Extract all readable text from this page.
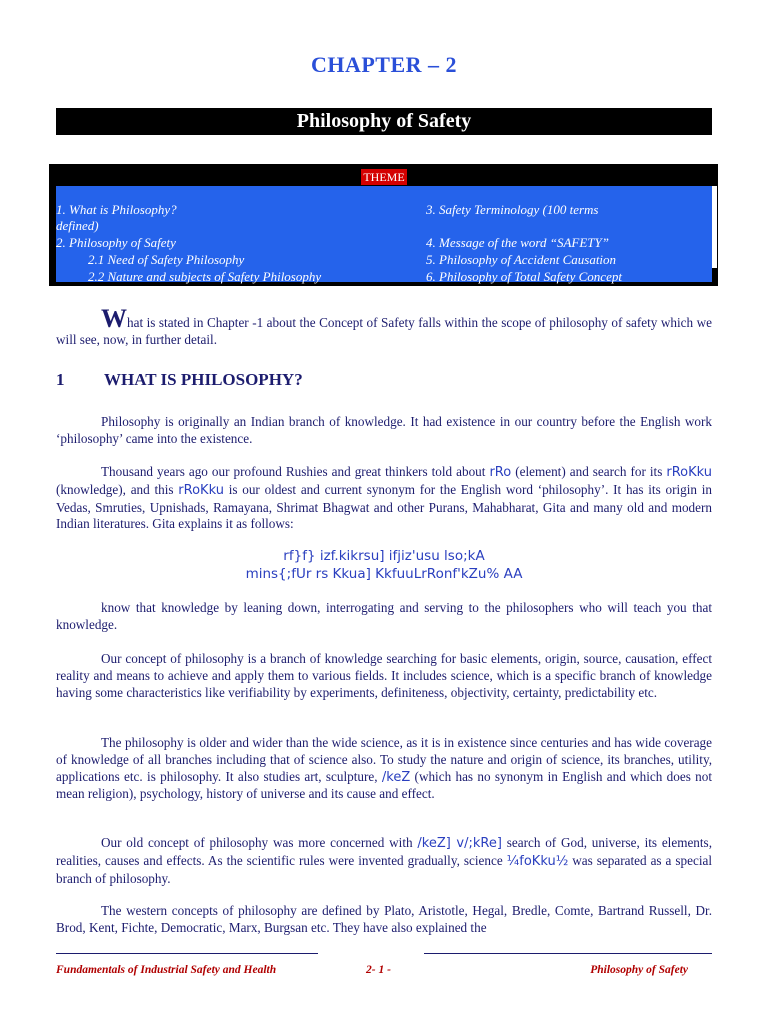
CHAPTER – 2
Philosophy of Safety
THEME
1. What is Philosophy?
defined)
2. Philosophy of Safety
2.1 Need of Safety Philosophy
2.2 Nature and subjects of Safety Philosophy
3. Safety Terminology (100 terms
4. Message of the word “SAFETY”
5. Philosophy of Accident Causation
6. Philosophy of Total Safety Concept
What is stated in Chapter -1 about the Concept of Safety falls within the scope of philosophy of safety which we will see, now, in further detail.
1 WHAT IS PHILOSOPHY?
Philosophy is originally an Indian branch of knowledge. It had existence in our country before the English work ‘philosophy’ came into the existence.
Thousand years ago our profound Rushies and great thinkers told about rRo (element) and search for its rRoKku (knowledge), and this rRoKku is our oldest and current synonym for the English word ‘philosophy’. It has its origin in Vedas, Smruties, Upnishads, Ramayana, Shrimat Bhagwat and other Purans, Mahabharat, Gita and many old and modern Indian literatures. Gita explains it as follows:
rf}f} izf.kikrsu] ifjiz'usu lso;kA
mins{;fUr rs Kkua] KkfuuLrRonf'kZu% AA
know that knowledge by leaning down, interrogating and serving to the philosophers who will teach you that knowledge.
Our concept of philosophy is a branch of knowledge searching for basic elements, origin, source, causation, effect reality and means to achieve and apply them to various fields. It includes science, which is a specific branch of knowledge having some characteristics like verifiability by experiments, definiteness, objectivity, certainty, predictability etc.
The philosophy is older and wider than the wide science, as it is in existence since centuries and has wide coverage of knowledge of all branches including that of science also. To study the nature and origin of science, its branches, utility, applications etc. is philosophy. It also studies art, sculpture, /keZ (which has no synonym in English and which does not mean religion), psychology, history of universe and its cause and effect.
Our old concept of philosophy was more concerned with /keZ] v/;kRe] search of God, universe, its elements, realities, causes and effects. As the scientific rules were invented gradually, science ¼foKku½ was separated as a special branch of philosophy.
The western concepts of philosophy are defined by Plato, Aristotle, Hegal, Bredle, Comte, Bartrand Russell, Dr. Brod, Kent, Fichte, Democratic, Marx, Burgsan etc. They have also explained the
Fundamentals of Industrial Safety and Health	2- 1 -	Philosophy of Safety
